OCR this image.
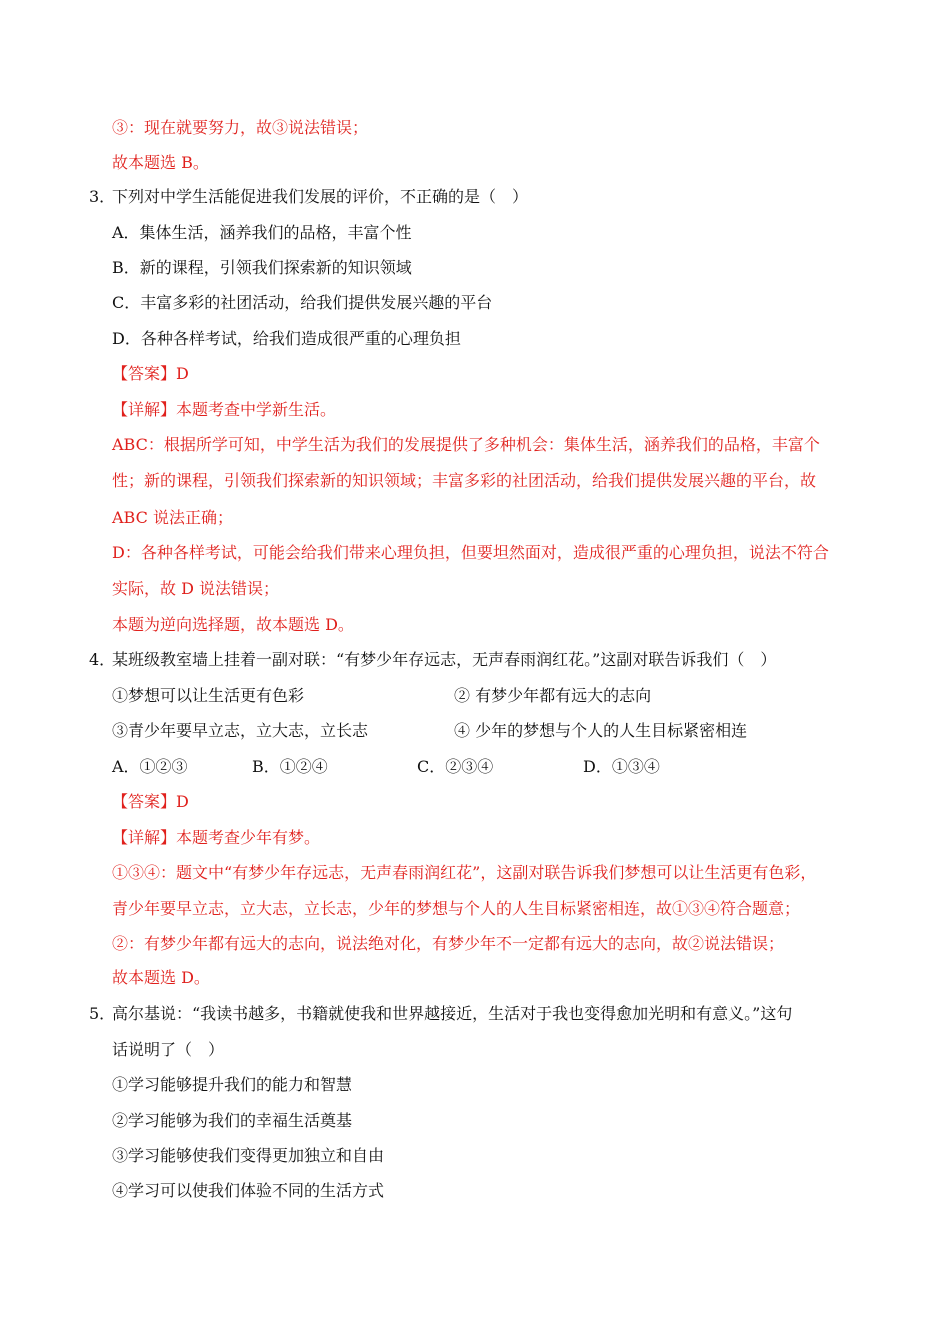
③：现在就要努力，故③说法错误；
故本题选 B。
3．
下列对中学生活能促进我们发展的评价，不正确的是（　）
A．集体生活，涵养我们的品格，丰富个性
B．新的课程，引领我们探索新的知识领域
C．丰富多彩的社团活动，给我们提供发展兴趣的平台
D．各种各样考试，给我们造成很严重的心理负担
【答案】D
【详解】本题考查中学新生活。
ABC：根据所学可知，中学生活为我们的发展提供了多种机会：集体生活，涵养我们的品格，丰富个
性；新的课程，引领我们探索新的知识领域；丰富多彩的社团活动，给我们提供发展兴趣的平台，故
ABC 说法正确；
D：各种各样考试，可能会给我们带来心理负担，但要坦然面对，造成很严重的心理负担，说法不符合
实际，故 D 说法错误；
本题为逆向选择题，故本题选 D。
4．
某班级教室墙上挂着一副对联：“有梦少年存远志，无声春雨润红花。”这副对联告诉我们（　）
①梦想可以让生活更有色彩	② 有梦少年都有远大的志向
③青少年要早立志，立大志，立长志	④ 少年的梦想与个人的人生目标紧密相连
A．①②③	B．①②④	C．②③④	D．①③④
【答案】D
【详解】本题考查少年有梦。
①③④：题文中“有梦少年存远志，无声春雨润红花”，这副对联告诉我们梦想可以让生活更有色彩，
青少年要早立志，立大志，立长志，少年的梦想与个人的人生目标紧密相连，故①③④符合题意；
②：有梦少年都有远大的志向，说法绝对化，有梦少年不一定都有远大的志向，故②说法错误；
故本题选 D。
5．
高尔基说：“我读书越多，书籍就使我和世界越接近，生活对于我也变得愈加光明和有意义。”这句
话说明了（　）
①学习能够提升我们的能力和智慧
②学习能够为我们的幸福生活奠基
③学习能够使我们变得更加独立和自由
④学习可以使我们体验不同的生活方式
